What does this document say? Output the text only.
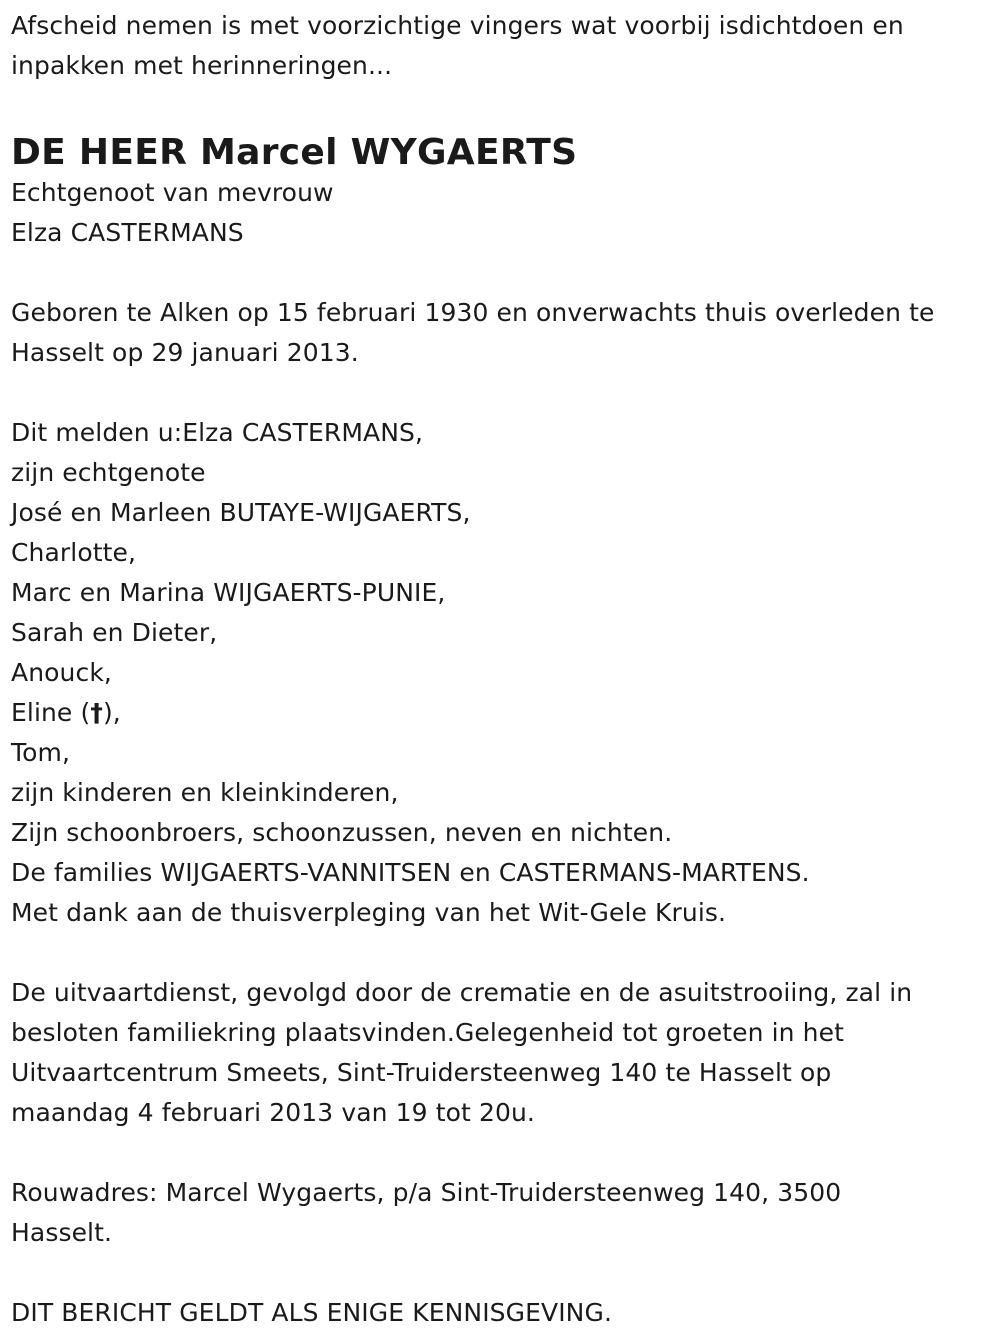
Afscheid nemen is met voorzichtige vingers wat voorbij isdichtdoen en
inpakken met herinneringen...
DE HEER Marcel WYGAERTS
Echtgenoot van mevrouw
Elza CASTERMANS
Geboren te Alken op 15 februari 1930 en onverwachts thuis overleden te
Hasselt op 29 januari 2013.
Dit melden u:Elza CASTERMANS,
zijn echtgenote
José en Marleen BUTAYE-WIJGAERTS,
Charlotte,
Marc en Marina WIJGAERTS-PUNIE,
Sarah en Dieter,
Anouck,
Eline (†),
Tom,
zijn kinderen en kleinkinderen,
Zijn schoonbroers, schoonzussen, neven en nichten.
De families WIJGAERTS-VANNITSEN en CASTERMANS-MARTENS.
Met dank aan de thuisverpleging van het Wit-Gele Kruis.
De uitvaartdienst, gevolgd door de crematie en de asuitstrooiing, zal in
besloten familiekring plaatsvinden.Gelegenheid tot groeten in het
Uitvaartcentrum Smeets, Sint-Truidersteenweg 140 te Hasselt op
maandag 4 februari 2013 van 19 tot 20u.
Rouwadres: Marcel Wygaerts, p/a Sint-Truidersteenweg 140, 3500
Hasselt.
DIT BERICHT GELDT ALS ENIGE KENNISGEVING.
